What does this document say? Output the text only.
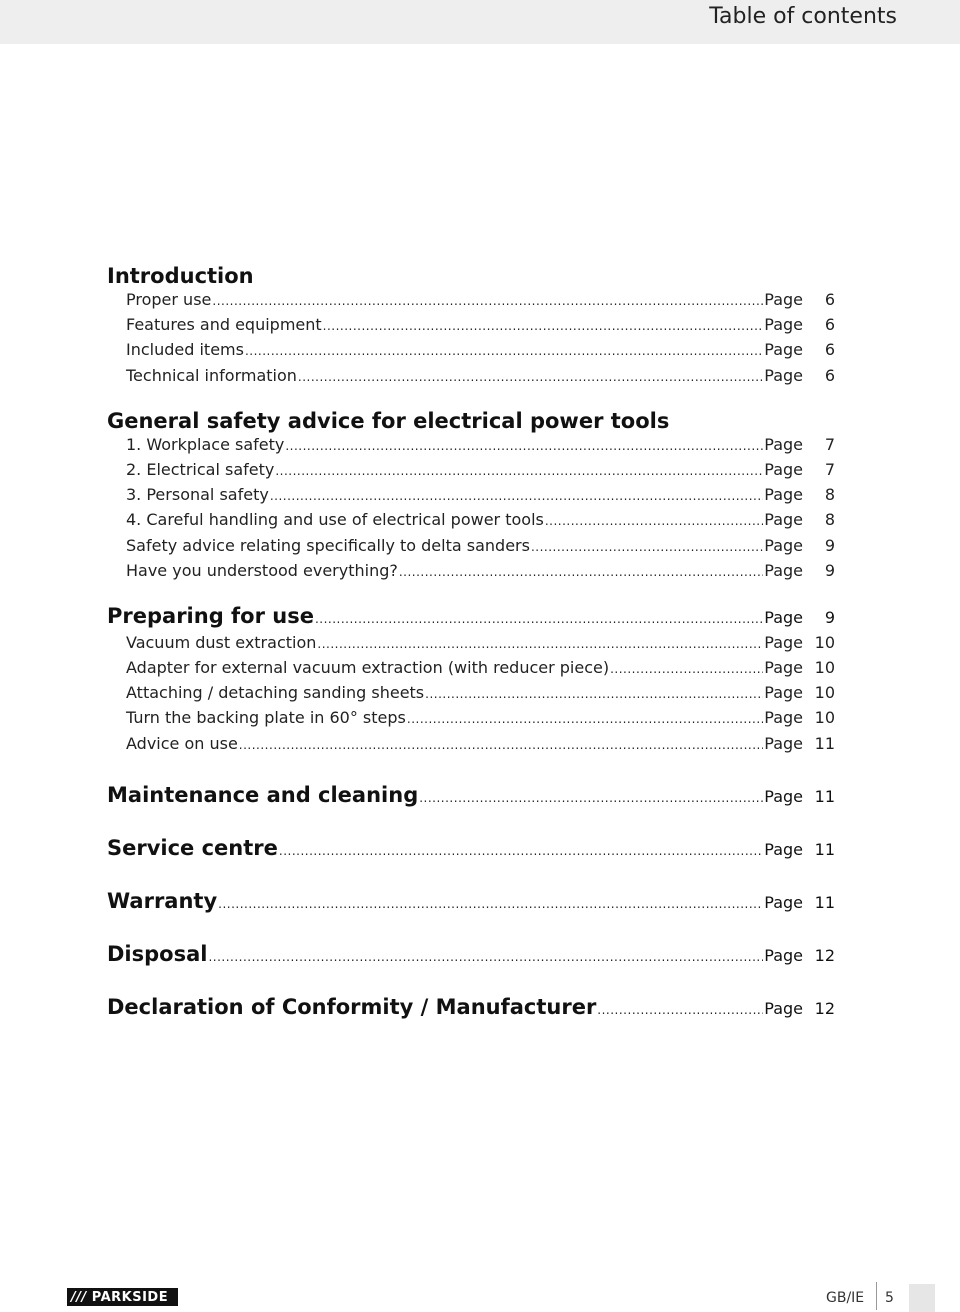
Table of contents
Introduction
Proper use .....	Page	6
Features and equipment .....	Page	6
Included items .....	Page	6
Technical information .....	Page	6
General safety advice for electrical power tools
1. Workplace safety .....	Page	7
2. Electrical safety .....	Page	7
3. Personal safety .....	Page	8
4. Careful handling and use of electrical power tools .....	Page	8
Safety advice relating specifically to delta sanders .....	Page	9
Have you understood everything? .....	Page	9
Preparing for use .....	Page	9
Vacuum dust extraction .....	Page 10
Adapter for external vacuum extraction (with reducer piece) .....	Page 10
Attaching / detaching sanding sheets .....	Page 10
Turn the backing plate in 60° steps .....	Page 10
Advice on use .....	Page 11
Maintenance and cleaning .....	Page 11
Service centre .....	Page 11
Warranty .....	Page 11
Disposal .....	Page 12
Declaration of Conformity / Manufacturer .....	Page 12
/// PARKSIDE	GB/IE 5
